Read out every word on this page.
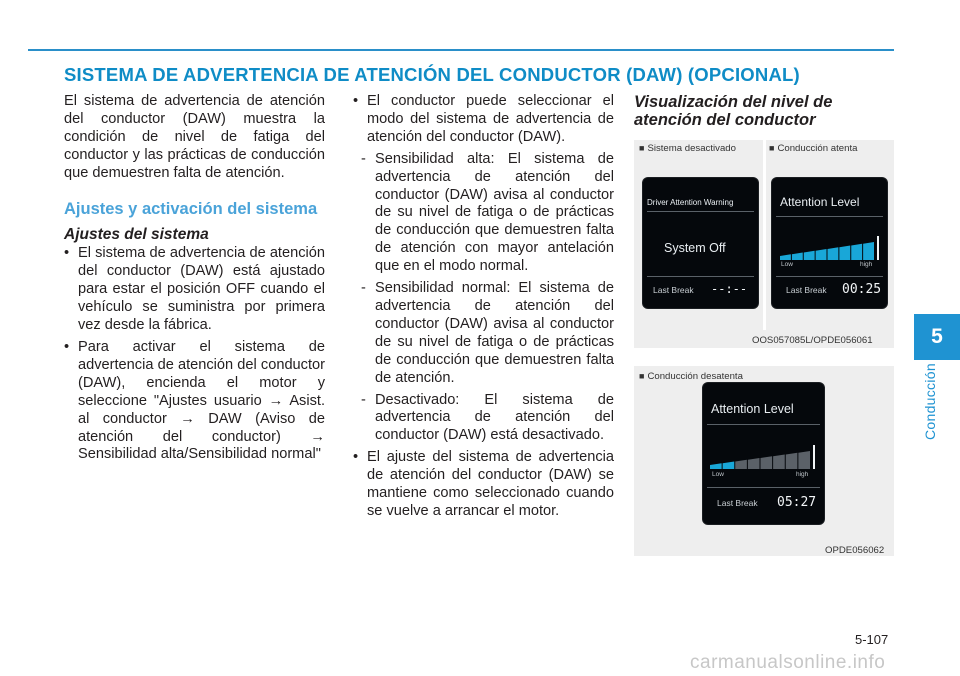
SISTEMA DE ADVERTENCIA DE ATENCIÓN DEL CONDUCTOR (DAW) (OPCIONAL)

El sistema de advertencia de atención del conductor (DAW) muestra la condición de nivel de fatiga del conductor y las prácticas de conducción que demuestren falta de atención.

Ajustes y activación del sistema
Ajustes del sistema
• El sistema de advertencia de atención del conductor (DAW) está ajustado para estar el posición OFF cuando el vehículo se suministra por primera vez desde la fábrica.
• Para activar el sistema de advertencia de atención del conductor (DAW), encienda el motor y seleccione "Ajustes usuario → Asist. al conductor → DAW (Aviso de atención del conductor) → Sensibilidad alta/Sensibilidad normal"
• El conductor puede seleccionar el modo del sistema de advertencia de atención del conductor (DAW).
- Sensibilidad alta: El sistema de advertencia de atención del conductor (DAW) avisa al conductor de su nivel de fatiga o de prácticas de conducción que demuestren falta de atención con mayor antelación que en el modo normal.
- Sensibilidad normal: El sistema de advertencia de atención del conductor (DAW) avisa al conductor de su nivel de fatiga o de prácticas de conducción que demuestren falta de atención.
- Desactivado: El sistema de advertencia de atención del conductor (DAW) está desactivado.
• El ajuste del sistema de advertencia de atención del conductor (DAW) se mantiene como seleccionado cuando se vuelve a arrancar el motor.
Visualización del nivel de atención del conductor
■ Sistema desactivado	■ Conducción atenta
Driver Attention Warning
System Off
Last Break --:--
Attention Level
Low	high
Last Break 00:25
OOS057085L/OPDE056061
■ Conducción desatenta
Attention Level
Low	high
Last Break 05:27
OPDE056062
5
Conducción
5-107
carmanualsonline.info
